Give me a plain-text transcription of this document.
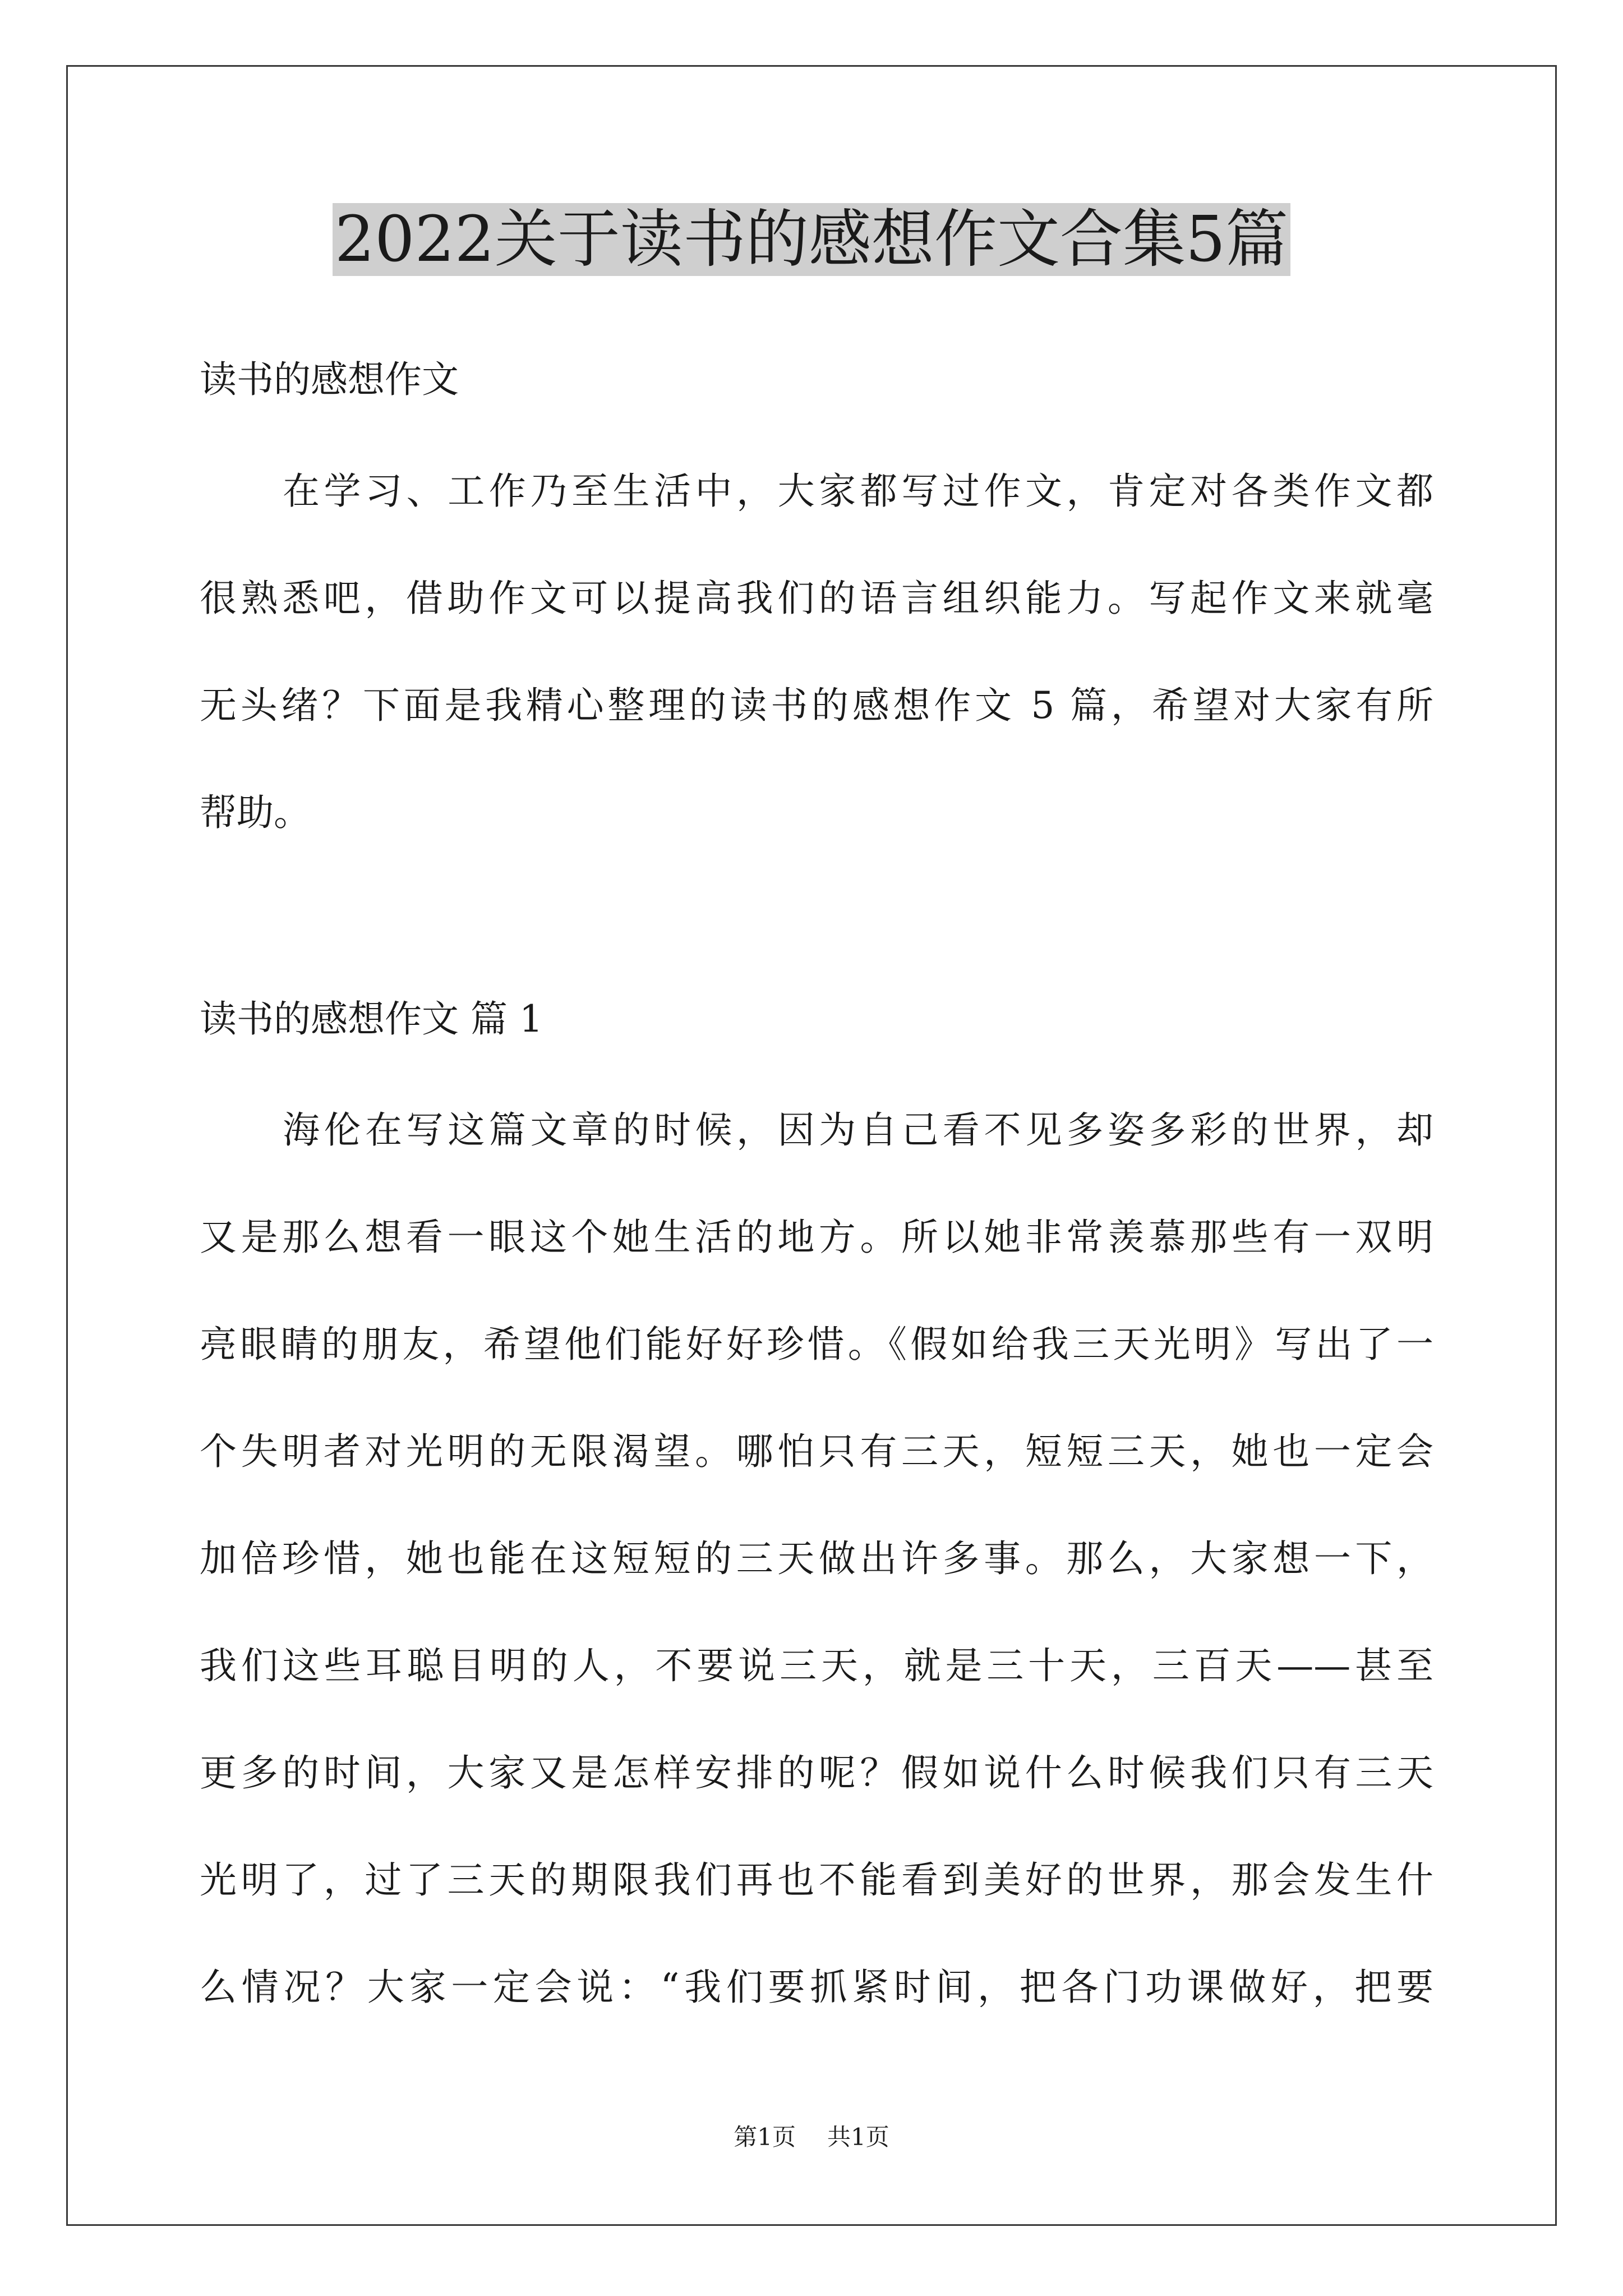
2022关于读书的感想作文合集5篇
读书的感想作文
在学习、工作乃至生活中，大家都写过作文，肯定对各类作文都
很熟悉吧，借助作文可以提高我们的语言组织能力。写起作文来就毫
无头绪？下面是我精心整理的读书的感想作文 5 篇，希望对大家有所
帮助。
读书的感想作文 篇 1
海伦在写这篇文章的时候，因为自己看不见多姿多彩的世界，却
又是那么想看一眼这个她生活的地方。所以她非常羡慕那些有一双明
亮眼睛的朋友，希望他们能好好珍惜。《假如给我三天光明》写出了一
个失明者对光明的无限渴望。哪怕只有三天，短短三天，她也一定会
加倍珍惜，她也能在这短短的三天做出许多事。那么，大家想一下，
我们这些耳聪目明的人，不要说三天，就是三十天，三百天——甚至
更多的时间，大家又是怎样安排的呢？假如说什么时候我们只有三天
光明了，过了三天的期限我们再也不能看到美好的世界，那会发生什
么情况？大家一定会说：“我们要抓紧时间，把各门功课做好，把要
第1页 共1页
